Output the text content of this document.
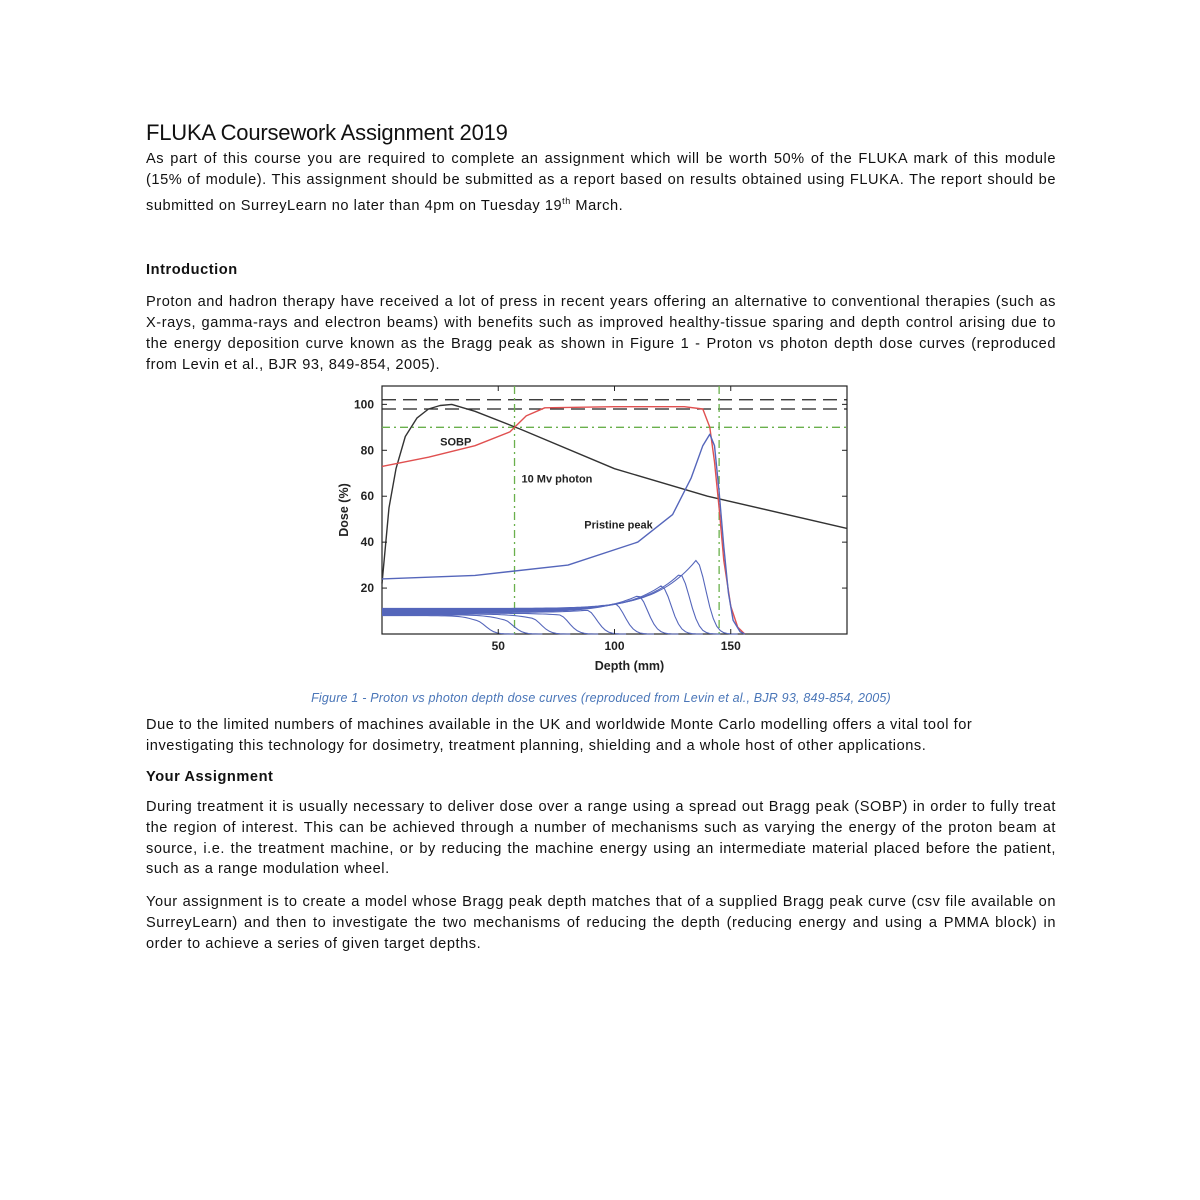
FLUKA Coursework Assignment 2019

As part of this course you are required to complete an assignment which will be worth 50% of the FLUKA mark of this module (15% of module). This assignment should be submitted as a report based on results obtained using FLUKA. The report should be submitted on SurreyLearn no later than 4pm on Tuesday 19th March.

Introduction

Proton and hadron therapy have received a lot of press in recent years offering an alternative to conventional therapies (such as X-rays, gamma-rays and electron beams) with benefits such as improved healthy-tissue sparing and depth control arising due to the energy deposition curve known as the Bragg peak as shown in Figure 1 - Proton vs photon depth dose curves (reproduced from Levin et al., BJR 93, 849-854, 2005).

50	100	150
20
40
60
80
100
Depth (mm)
Dose (%)
SOBP
10 Mv photon
Pristine peak
Figure 1 - Proton vs photon depth dose curves (reproduced from Levin et al., BJR 93, 849-854, 2005)

Due to the limited numbers of machines available in the UK and worldwide Monte Carlo modelling offers a vital tool for investigating this technology for dosimetry, treatment planning, shielding and a whole host of other applications.

Your Assignment

During treatment it is usually necessary to deliver dose over a range using a spread out Bragg peak (SOBP) in order to fully treat the region of interest. This can be achieved through a number of mechanisms such as varying the energy of the proton beam at source, i.e. the treatment machine, or by reducing the machine energy using an intermediate material placed before the patient, such as a range modulation wheel.

Your assignment is to create a model whose Bragg peak depth matches that of a supplied Bragg peak curve (csv file available on SurreyLearn) and then to investigate the two mechanisms of reducing the depth (reducing energy and using a PMMA block) in order to achieve a series of given target depths.
